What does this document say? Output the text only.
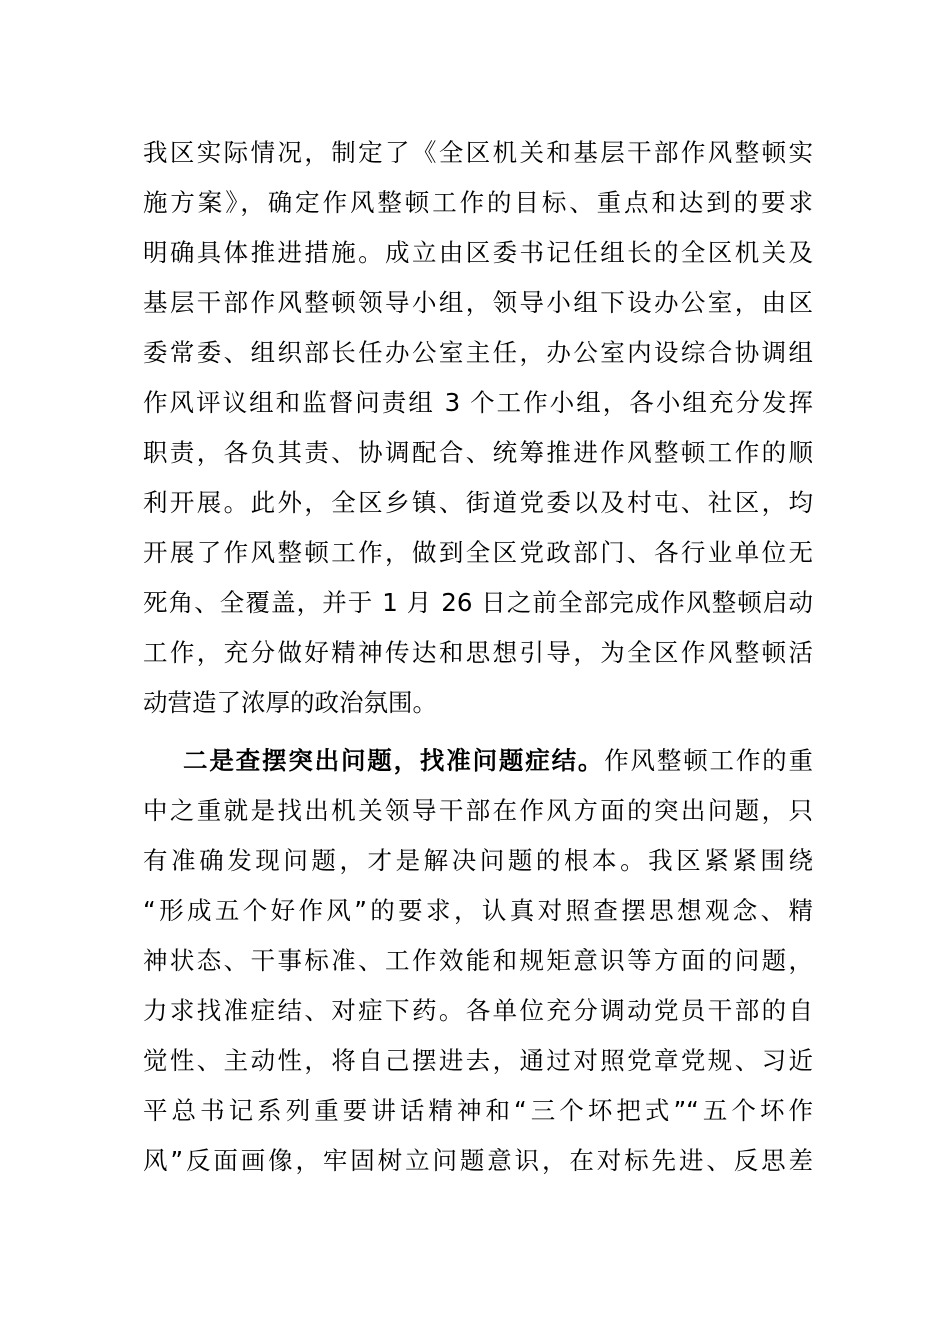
我区实际情况，制定了《全区机关和基层干部作风整顿实
施方案》，确定作风整顿工作的目标、重点和达到的要求
明确具体推进措施。成立由区委书记任组长的全区机关及
基层干部作风整顿领导小组，领导小组下设办公室，由区
委常委、组织部长任办公室主任，办公室内设综合协调组
作风评议组和监督问责组 3 个工作小组，各小组充分发挥
职责，各负其责、协调配合、统筹推进作风整顿工作的顺
利开展。此外，全区乡镇、街道党委以及村屯、社区，均
开展了作风整顿工作，做到全区党政部门、各行业单位无
死角、全覆盖，并于 1 月 26 日之前全部完成作风整顿启动
工作，充分做好精神传达和思想引导，为全区作风整顿活
动营造了浓厚的政治氛围。
二是查摆突出问题，找准问题症结。作风整顿工作的重
中之重就是找出机关领导干部在作风方面的突出问题，只
有准确发现问题，才是解决问题的根本。我区紧紧围绕
“形成五个好作风”的要求，认真对照查摆思想观念、精
神状态、干事标准、工作效能和规矩意识等方面的问题，
力求找准症结、对症下药。各单位充分调动党员干部的自
觉性、主动性，将自己摆进去，通过对照党章党规、习近
平总书记系列重要讲话精神和“三个坏把式”“五个坏作
风”反面画像，牢固树立问题意识，在对标先进、反思差
